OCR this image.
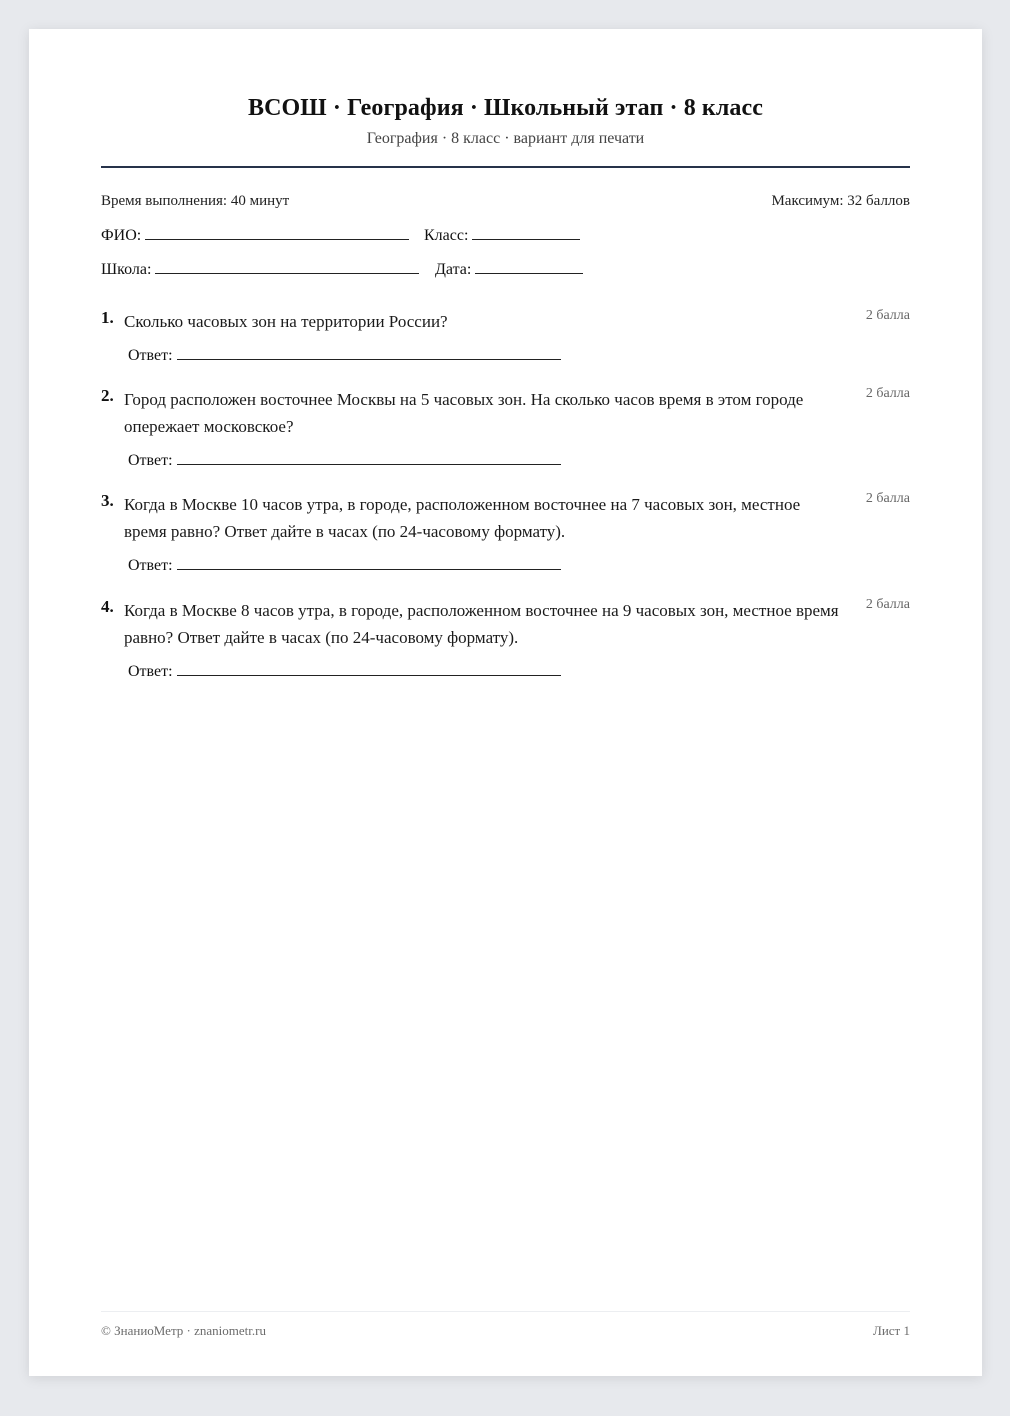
ВСОШ · География · Школьный этап · 8 класс
География · 8 класс · вариант для печати
Время выполнения: 40 минут	Максимум: 32 баллов
ФИО:	Класс:
Школа:	Дата:
1. Сколько часовых зон на территории России?	2 балла
Ответ:
2. Город расположен восточнее Москвы на 5 часовых зон. На сколько часов время в этом городе опережает московское?
2 балла
Ответ:
3. Когда в Москве 10 часов утра, в городе, расположенном восточнее на 7 часовых зон, местное время равно? Ответ дайте в часах (по 24-часовому формату).
2 балла
Ответ:
4. Когда в Москве 8 часов утра, в городе, расположенном восточнее на 9 часовых зон, местное время равно? Ответ дайте в часах (по 24-часовому формату).
2 балла
Ответ:
© ЗнаниоМетр · znaniometr.ru	Лист 1
